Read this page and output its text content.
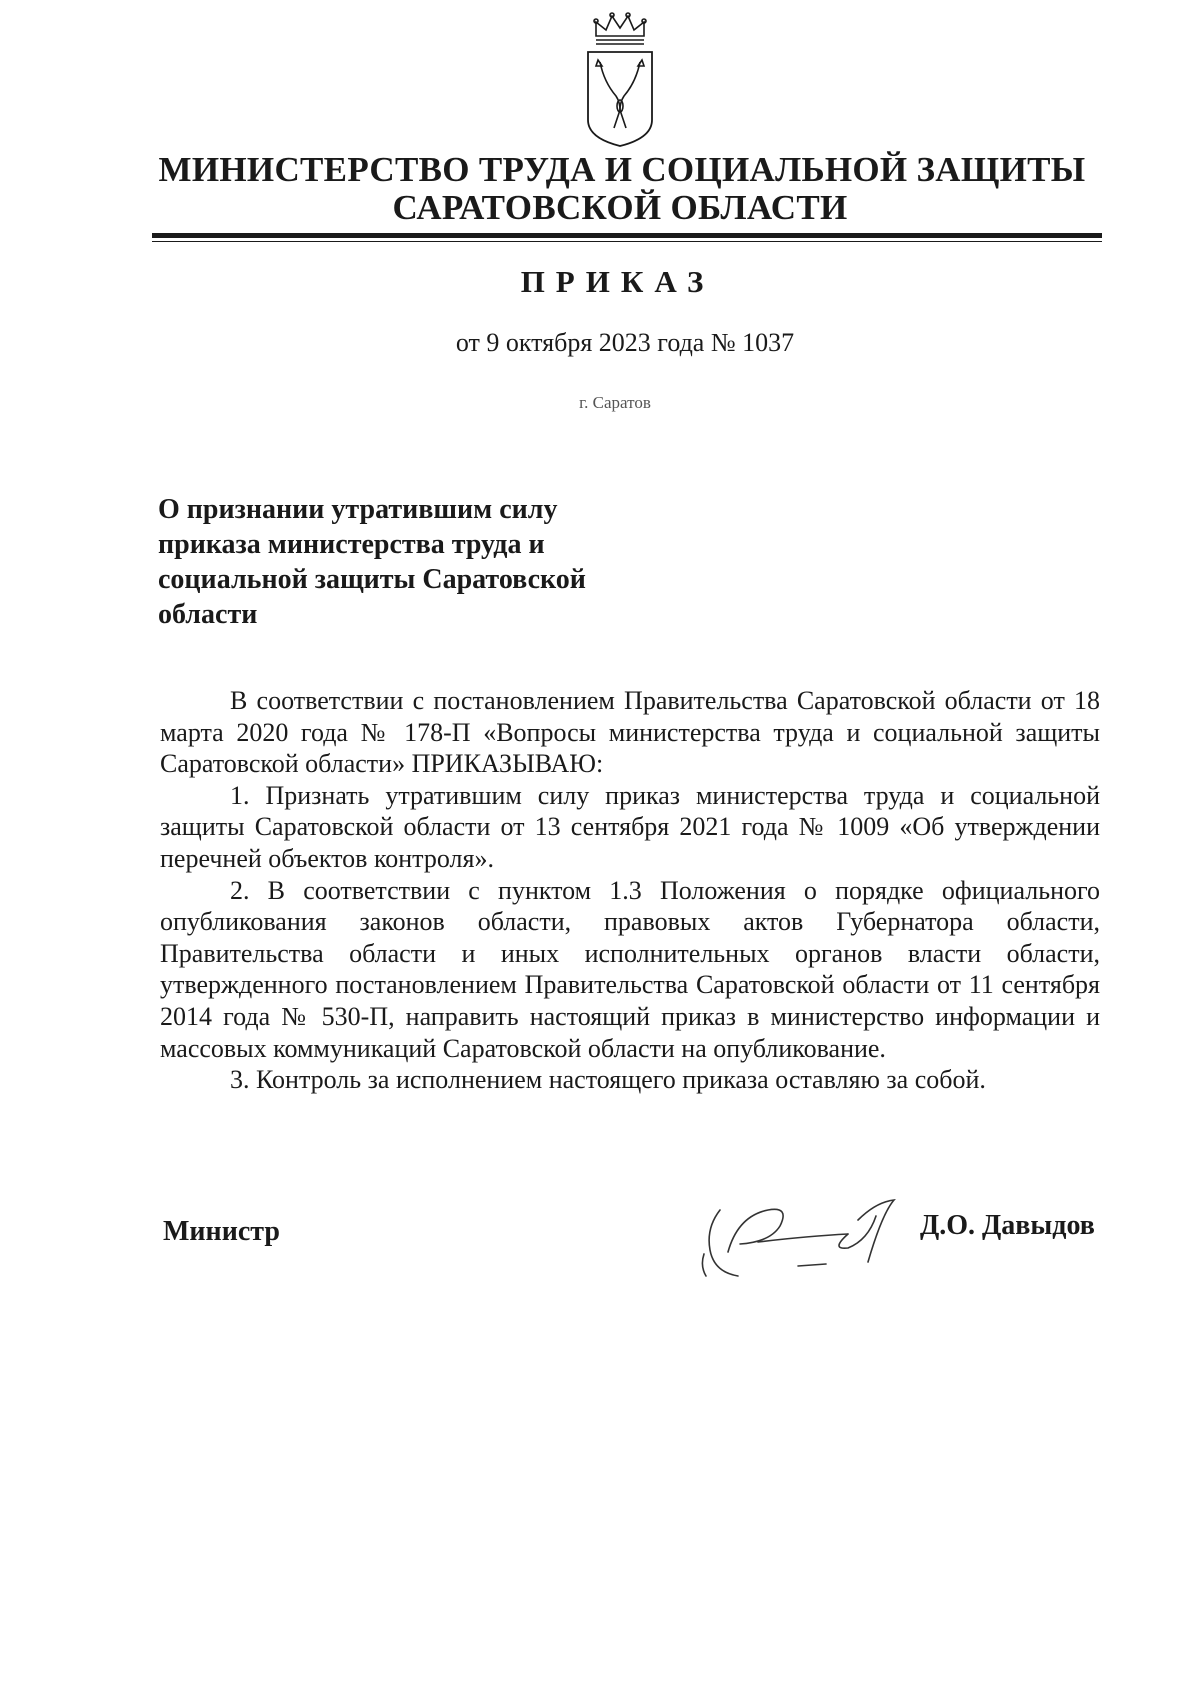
МИНИСТЕРСТВО ТРУДА И СОЦИАЛЬНОЙ ЗАЩИТЫ
САРАТОВСКОЙ ОБЛАСТИ
ПРИКАЗ
от 9 октября 2023 года № 1037
г. Саратов
О признании утратившим силу приказа министерства труда и социальной защиты Саратовской области

В соответствии с постановлением Правительства Саратовской области от 18 марта 2020 года № 178-П «Вопросы министерства труда и социальной защиты Саратовской области» ПРИКАЗЫВАЮ:

1. Признать утратившим силу приказ министерства труда и социальной защиты Саратовской области от 13 сентября 2021 года № 1009 «Об утверждении перечней объектов контроля».

2. В соответствии с пунктом 1.3 Положения о порядке официального опубликования законов области, правовых актов Губернатора области, Правительства области и иных исполнительных органов власти области, утвержденного постановлением Правительства Саратовской области от 11 сентября 2014 года № 530-П, направить настоящий приказ в министерство информации и массовых коммуникаций Саратовской области на опубликование.

3. Контроль за исполнением настоящего приказа оставляю за собой.

Министр	Д.О. Давыдов
